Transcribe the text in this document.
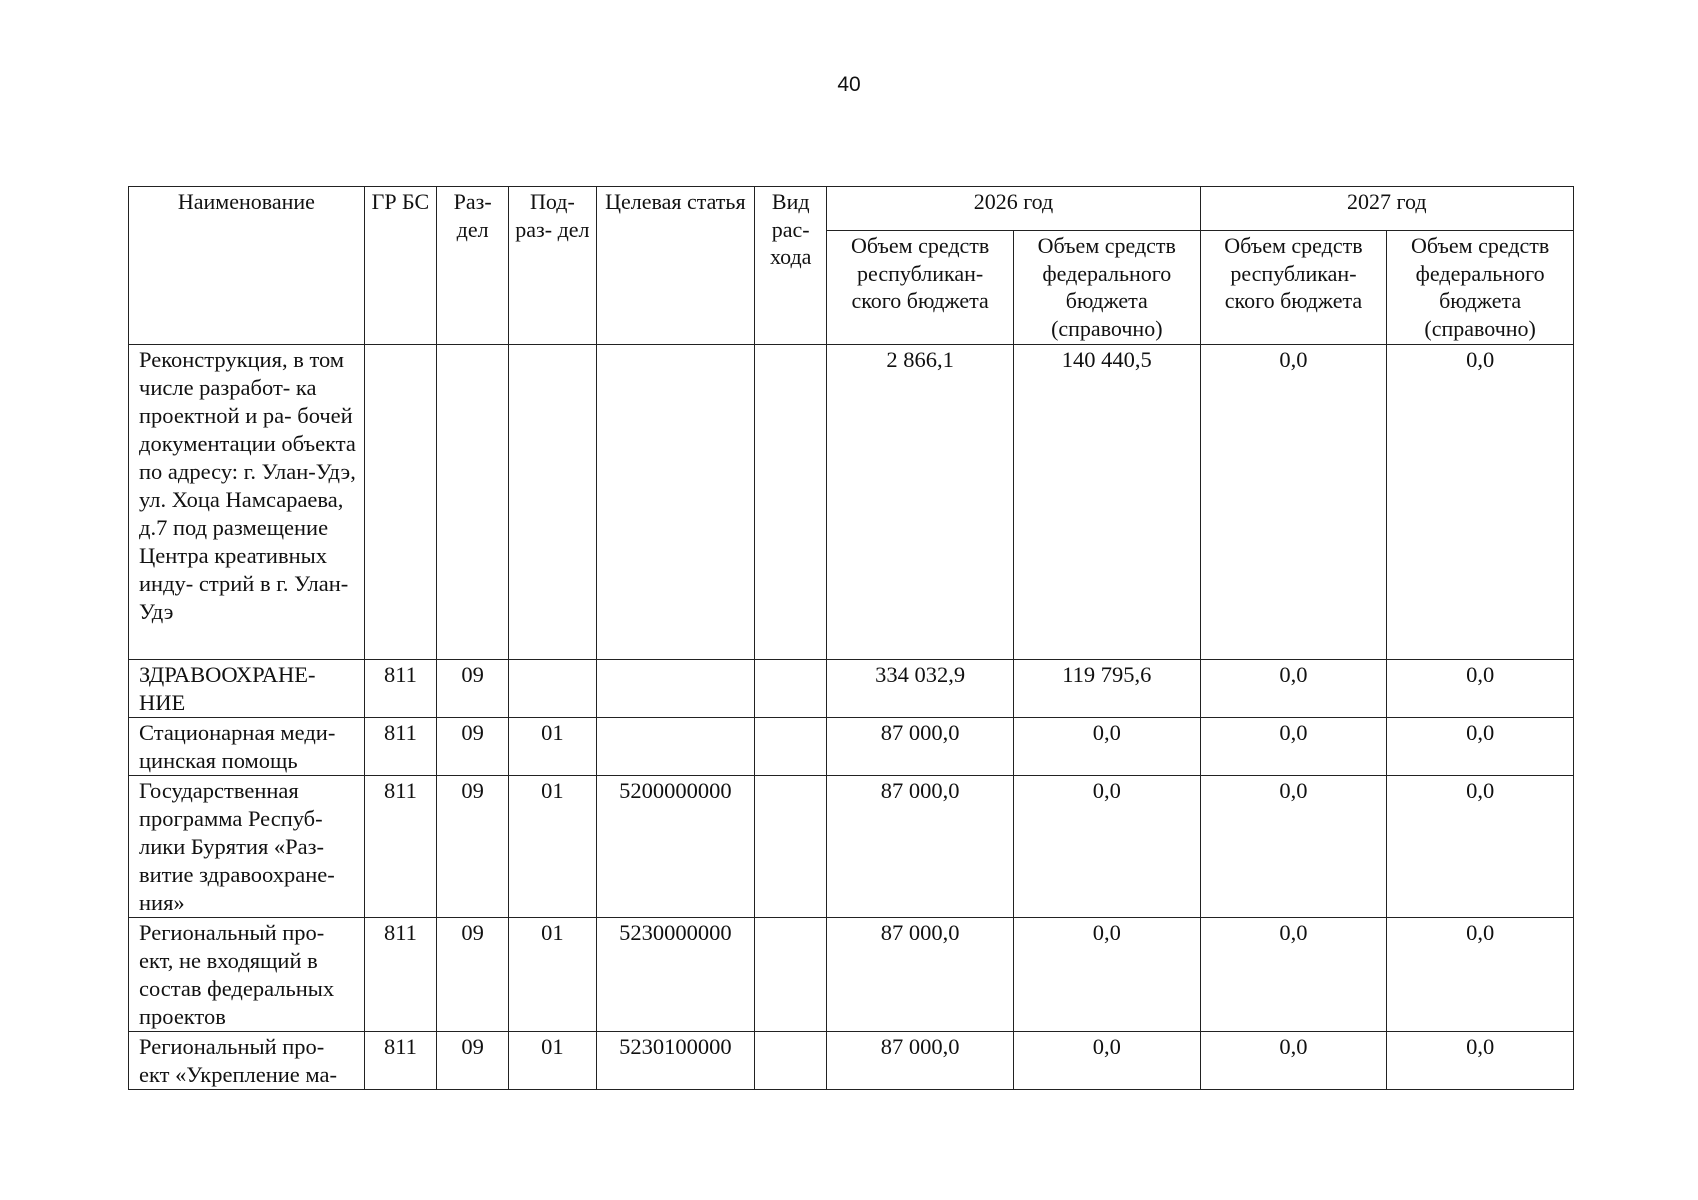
40
Наименование	ГР БС	Раз- дел	Под- раз- дел	Целевая статья	Вид рас- хода	2026 год		2027 год	
						Объем средств республикан- ского бюджета	Объем средств федерального бюджета (справочно)	Объем средств республикан- ского бюджета	Объем средств федерального бюджета (справочно)
Реконструкция, в том числе разработ- ка проектной и ра- бочей документации объекта по адресу: г. Улан-Удэ, ул. Хоца Намсараева, д.7 под размещение Центра креативных инду- стрий в г. Улан-Удэ						2 866,1	140 440,5	0,0	0,0
ЗДРАВООХРАНЕ- НИЕ	811	09				334 032,9	119 795,6	0,0	0,0
Стационарная меди- цинская помощь	811	09	01			87 000,0	0,0	0,0	0,0
Государственная программа Респуб- лики Бурятия «Раз- витие здравоохране- ния»	811	09	01	5200000000		87 000,0	0,0	0,0	0,0
Региональный про- ект, не входящий в состав федеральных проектов	811	09	01	5230000000		87 000,0	0,0	0,0	0,0
Региональный про- ект «Укрепление ма-	811	09	01	5230100000		87 000,0	0,0	0,0	0,0
